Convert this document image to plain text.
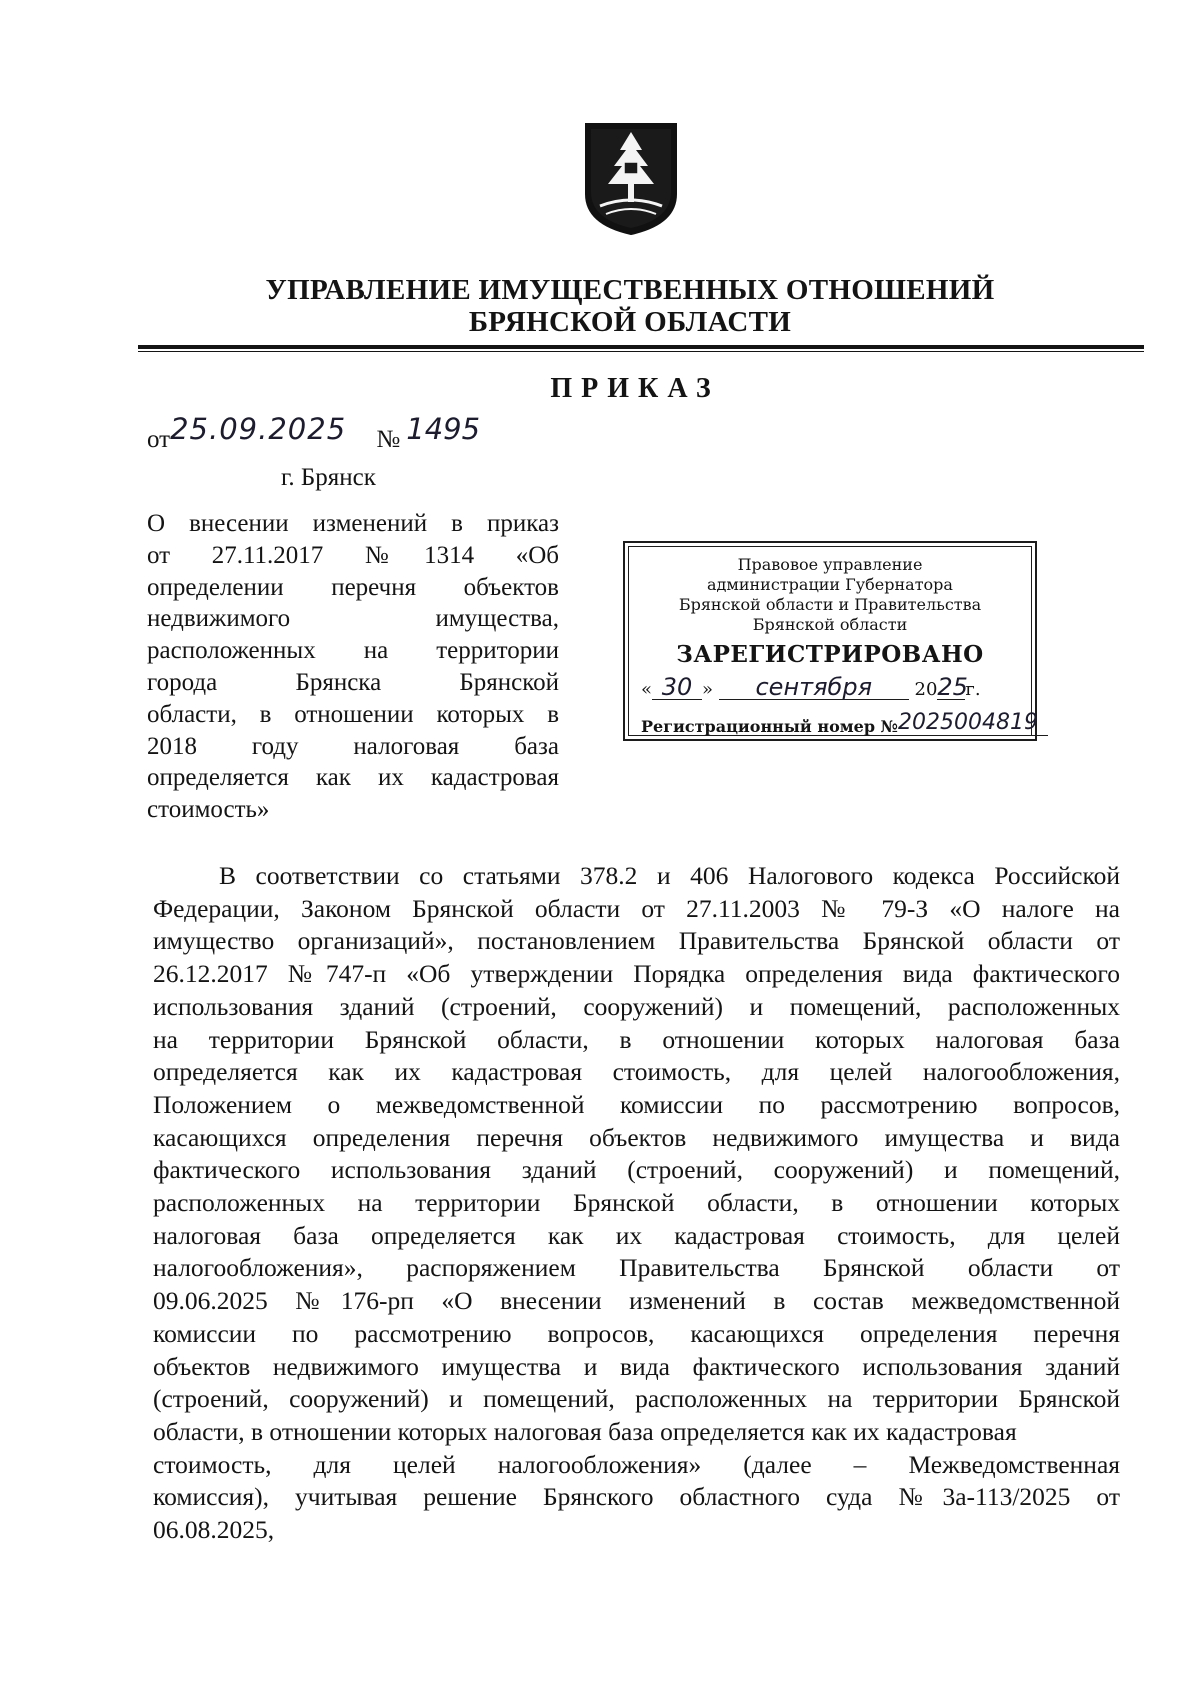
УПРАВЛЕНИЕ ИМУЩЕСТВЕННЫХ ОТНОШЕНИЙ
БРЯНСКОЙ ОБЛАСТИ
ПРИКАЗ
от25.09.2025 № 1495
г. Брянск
О внесении изменений в приказ
от 27.11.2017 №1314 «Об
определении перечня объектов
недвижимого имущества,
расположенных на территории
города Брянска Брянской
области, в отношении которых в
2018 году налоговая база
определяется как их кадастровая
стоимость»
Правовое управление
администрации Губернатора
Брянской области и Правительства
Брянской области
ЗАРЕГИСТРИРОВАНО
« 30 » сентября 2025г.
Регистрационный номер №2025004819
В соответствии со статьями 378.2 и 406 Налогового кодекса Российской
Федерации, Законом Брянской области от 27.11.2003 № 79-З «О налоге на
имущество организаций», постановлением Правительства Брянской области от
26.12.2017 №747-п «Об утверждении Порядка определения вида фактического
использования зданий (строений, сооружений) и помещений, расположенных
на территории Брянской области, в отношении которых налоговая база
определяется как их кадастровая стоимость, для целей налогообложения,
Положением о межведомственной комиссии по рассмотрению вопросов,
касающихся определения перечня объектов недвижимого имущества и вида
фактического использования зданий (строений, сооружений) и помещений,
расположенных на территории Брянской области, в отношении которых
налоговая база определяется как их кадастровая стоимость, для целей
налогообложения», распоряжением Правительства Брянской области от
09.06.2025 №176-рп «О внесении изменений в состав межведомственной
комиссии по рассмотрению вопросов, касающихся определения перечня
объектов недвижимого имущества и вида фактического использования зданий
(строений, сооружений) и помещений, расположенных на территории Брянской
области, в отношении которых налоговая база определяется как их кадастровая
стоимость, для целей налогообложения» (далее – Межведомственная
комиссия), учитывая решение Брянского областного суда №3а-113/2025 от
06.08.2025,
